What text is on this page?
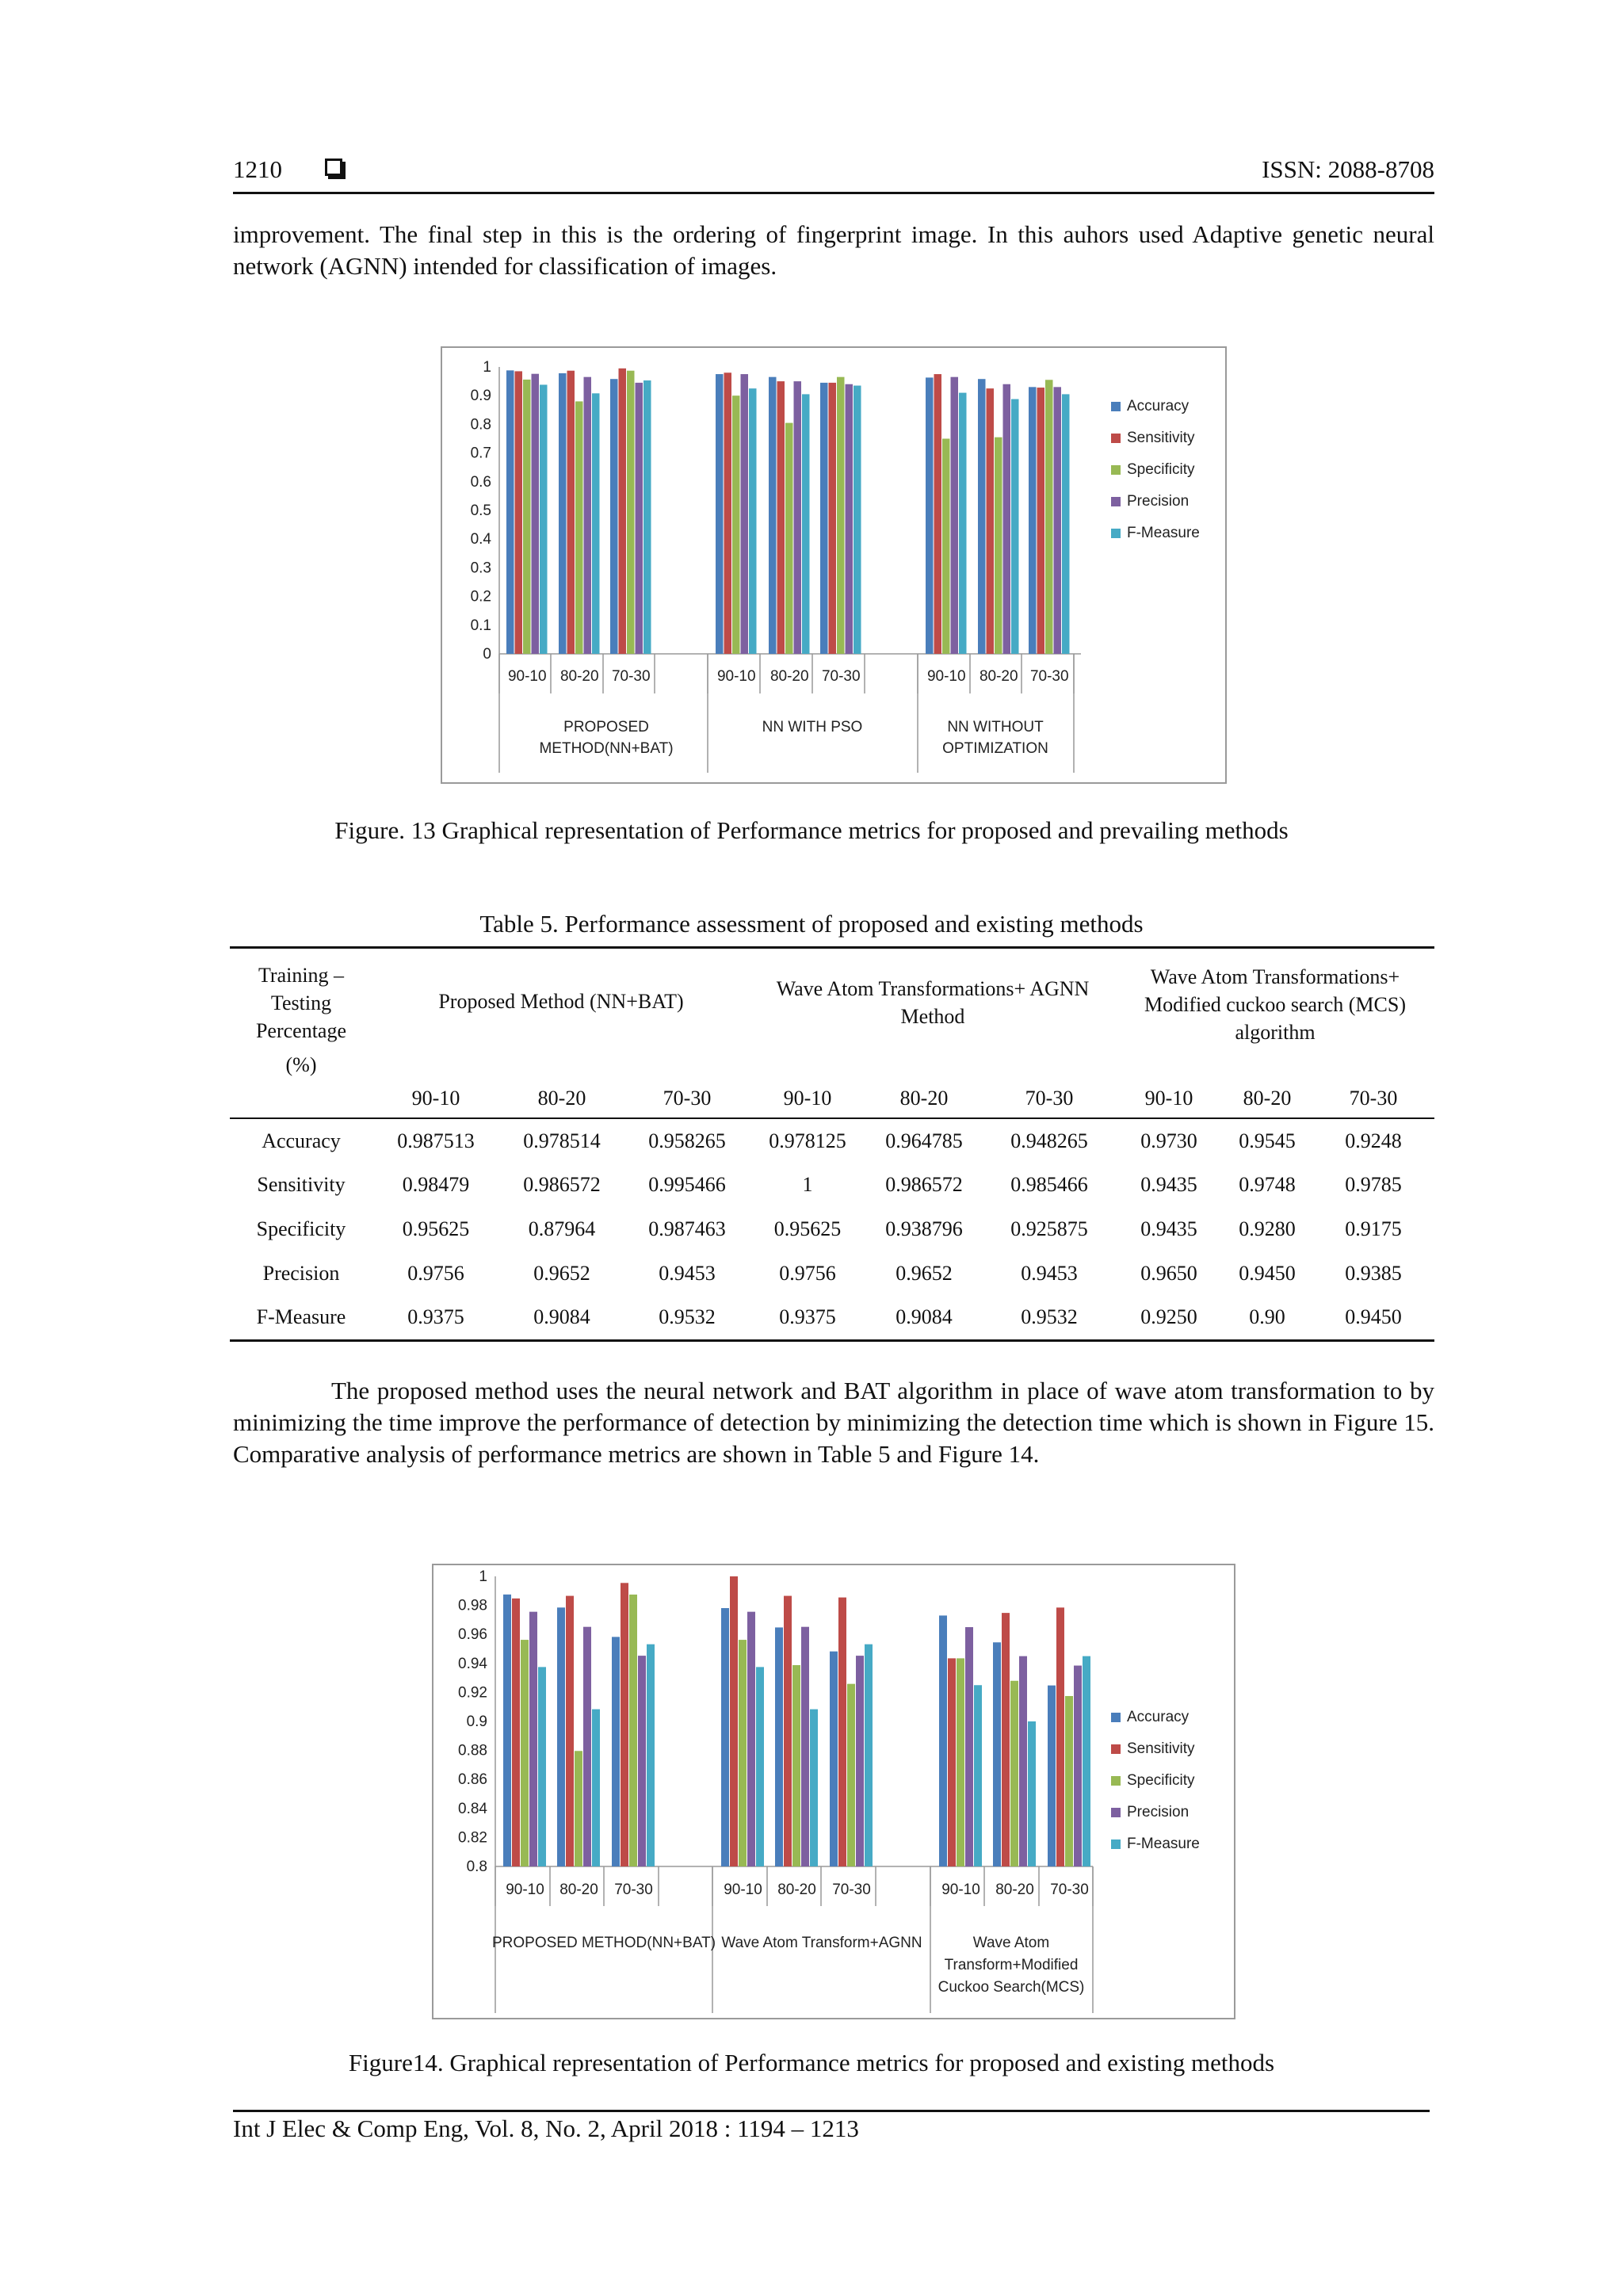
1210	ISSN: 2088-8708
improvement. The final step in this is the ordering of fingerprint image. In this auhors used Adaptive genetic neural network (AGNN) intended for classification of images.
0
0.1
0.2
0.3
0.4
0.5
0.6
0.7
0.8
0.9
1
90-10 80-20 70-30	90-10 80-20 70-30	90-10 80-20 70-30
PROPOSED
METHOD(NN+BAT)
NN WITH PSO	NN WITHOUT
OPTIMIZATION
Accuracy
Sensitivity
Specificity
Precision
F-Measure
Figure. 13 Graphical representation of Performance metrics for proposed and prevailing methods
Table 5. Performance assessment of proposed and existing methods
Training –
Testing
Percentage
(%)	Proposed Method (NN+BAT)			Wave Atom Transformations+ AGNN Method			Wave Atom Transformations+ Modified cuckoo search (MCS) algorithm		

	90-10	80-20	70-30	90-10	80-20	70-30	90-10	80-20	70-30
Accuracy	0.987513	0.978514	0.958265	0.978125	0.964785	0.948265	0.9730	0.9545	0.9248
Sensitivity	0.98479	0.986572	0.995466	1	0.986572	0.985466	0.9435	0.9748	0.9785
Specificity	0.95625	0.87964	0.987463	0.95625	0.938796	0.925875	0.9435	0.9280	0.9175
Precision	0.9756	0.9652	0.9453	0.9756	0.9652	0.9453	0.9650	0.9450	0.9385
F-Measure	0.9375	0.9084	0.9532	0.9375	0.9084	0.9532	0.9250	0.90	0.9450
The proposed method uses the neural network and BAT algorithm in place of wave atom transformation to by minimizing the time improve the performance of detection by minimizing the detection time which is shown in Figure 15. Comparative analysis of performance metrics are shown in Table 5 and Figure 14.
0.8
0.82
0.84
0.86
0.88
0.9
0.92
0.94
0.96
0.98
1
90-10 80-20 70-30	90-10 80-20 70-30	90-10 80-20 70-30
PROPOSED METHOD(NN+BAT) Wave Atom Transform+AGNN	Wave Atom
Transform+Modified
Cuckoo Search(MCS)
Accuracy
Sensitivity
Specificity
Precision
F-Measure
Figure14. Graphical representation of Performance metrics for proposed and existing methods
Int J Elec & Comp Eng, Vol. 8, No. 2, April 2018 : 1194 – 1213
